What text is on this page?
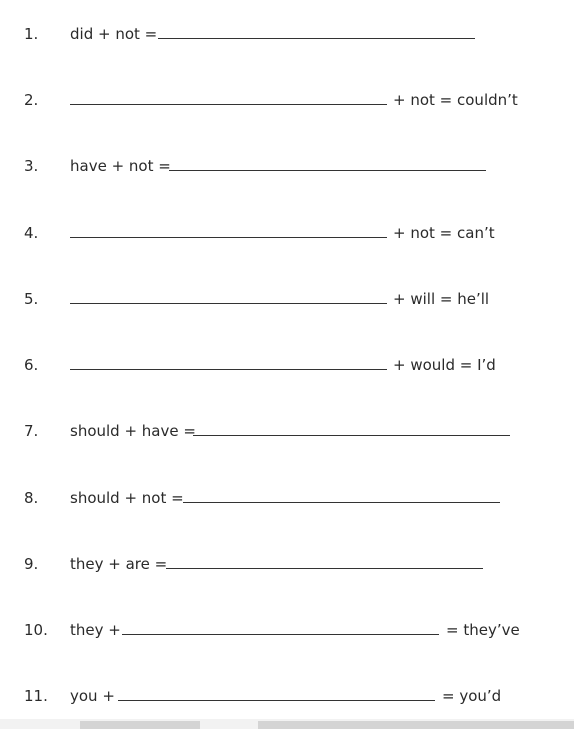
1. did + not =
2.	+ not = couldn’t
3. have + not =
4.	+ not = can’t
5.	+ will = he’ll
6.	+ would = I’d
7. should + have =
8. should + not =
9. they + are =
10. they +	= they’ve
11. you +	= you’d
